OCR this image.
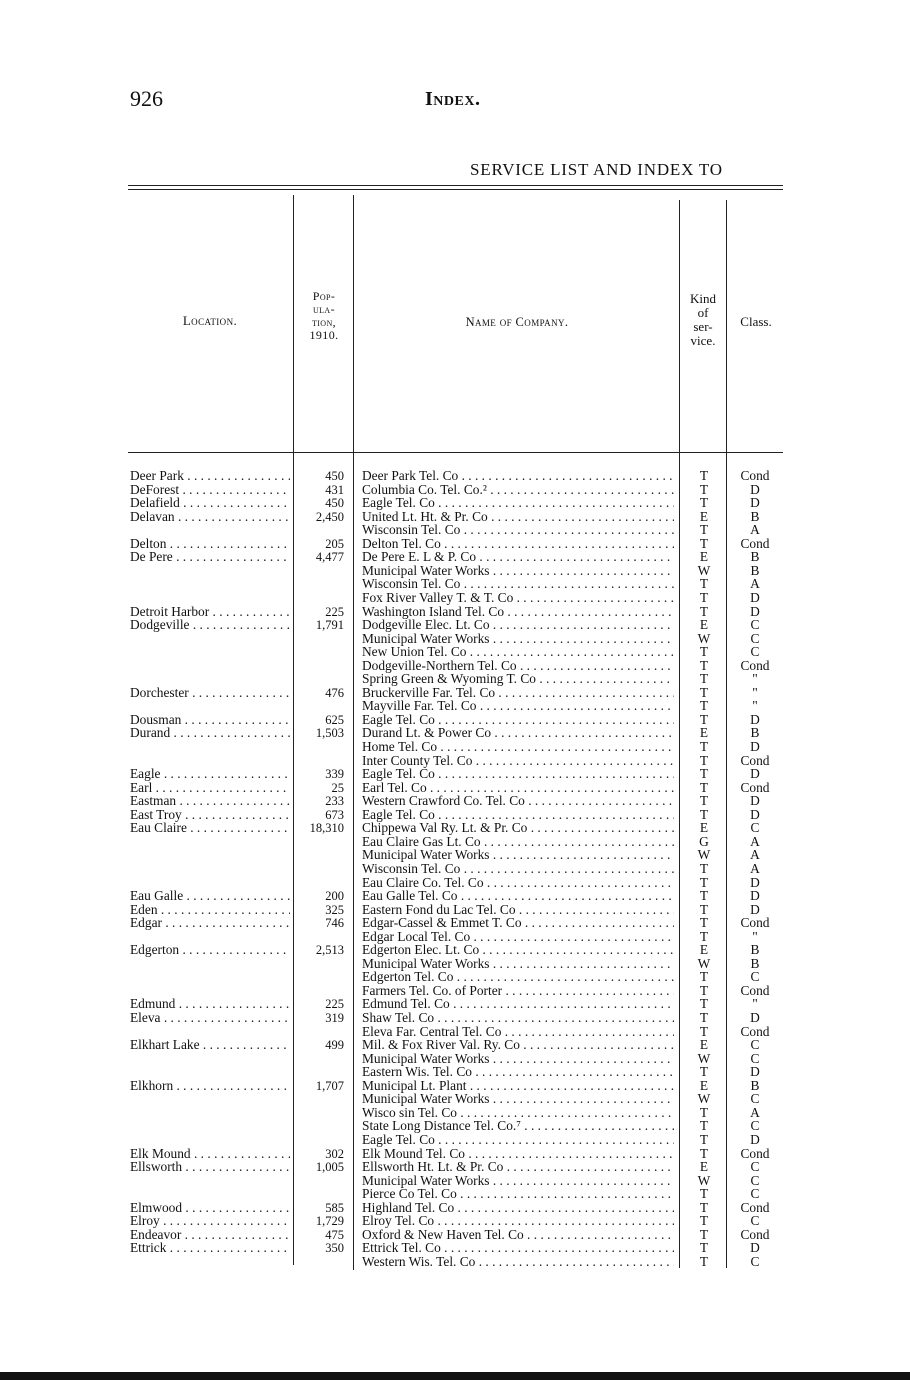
926	Index.
SERVICE LIST AND INDEX TO
Location.
Pop-
ula-
tion,
1910.
Name of Company.
Kind
of
ser-
vice.
Class.
Deer Park . . .	450 Deer Park Tel. Co . . .	T	Cond
DeForest . . .	431 Columbia Co. Tel. Co.² . . .	T	D
Delafield . . .	450 Eagle Tel. Co . . .	T	D
Delavan . . .	2,450 United Lt. Ht. & Pr. Co . . .	E	B
Wisconsin Tel. Co . . .	T	A
Delton . . .	205 Delton Tel. Co . . .	T	Cond
De Pere . . .	4,477 De Pere E. L & P. Co . . .	E	B
Municipal Water Works . . .	W	B
Wisconsin Tel. Co . . .	T	A
Fox River Valley T. & T. Co . . .	T	D
Detroit Harbor . . .	225 Washington Island Tel. Co . . .	T	D
Dodgeville . . .	1,791 Dodgeville Elec. Lt. Co . . .	E	C
Municipal Water Works . . .	W	C
New Union Tel. Co . . .	T	C
Dodgeville-Northern Tel. Co . . .	T	Cond
Spring Green & Wyoming T. Co . . .	T	"
Dorchester . . .	476 Bruckerville Far. Tel. Co . . .	T	"
Mayville Far. Tel. Co . . .	T	"
Dousman . . .	625 Eagle Tel. Co . . .	T	D
Durand . . .	1,503 Durand Lt. & Power Co . . .	E	B
Home Tel. Co . . .	T	D
Inter County Tel. Co . . .	T	Cond
Eagle . . .	339 Eagle Tel. Co . . .	T	D
Earl . . .	25 Earl Tel. Co . . .	T	Cond
Eastman . . .	233 Western Crawford Co. Tel. Co . . .	T	D
East Troy . . .	673 Eagle Tel. Co . . .	T	D
Eau Claire . . .	18,310 Chippewa Val Ry. Lt. & Pr. Co . . .	E	C
Eau Claire Gas Lt. Co . . .	G	A
Municipal Water Works . . .	W	A
Wisconsin Tel. Co . . .	T	A
Eau Claire Co. Tel. Co . . .	T	D
Eau Galle . . .	200 Eau Galle Tel. Co . . .	T	D
Eden . . .	325 Eastern Fond du Lac Tel. Co . . .	T	D
Edgar . . .	746 Edgar-Cassel & Emmet T. Co . . .	T	Cond
Edgar Local Tel. Co . . .	T	"
Edgerton . . .	2,513 Edgerton Elec. Lt. Co . . .	E	B
Municipal Water Works . . .	W	B
Edgerton Tel. Co . . .	T	C
Farmers Tel. Co. of Porter . . .	T	Cond
Edmund . . .	225 Edmund Tel. Co . . .	T	"
Eleva . . .	319 Shaw Tel. Co . . .	T	D
Eleva Far. Central Tel. Co . . .	T	Cond
Elkhart Lake . . .	499 Mil. & Fox River Val. Ry. Co . . .	E	C
Municipal Water Works . . .	W	C
Eastern Wis. Tel. Co . . .	T	D
Elkhorn . . .	1,707 Municipal Lt. Plant . . .	E	B
Municipal Water Works . . .	W	C
Wisco sin Tel. Co . . .	T	A
State Long Distance Tel. Co.⁷ . . .	T	C
Eagle Tel. Co . . .	T	D
Elk Mound . . .	302 Elk Mound Tel. Co . . .	T	Cond
Ellsworth . . .	1,005 Ellsworth Ht. Lt. & Pr. Co . . .	E	C
Municipal Water Works . . .	W	C
Pierce Co Tel. Co . . .	T	C
Elmwood . . .	585 Highland Tel. Co . . .	T	Cond
Elroy . . .	1,729 Elroy Tel. Co . . .	T	C
Endeavor . . .	475 Oxford & New Haven Tel. Co . . .	T	Cond
Ettrick . . .	350 Ettrick Tel. Co . . .	T	D
Western Wis. Tel. Co . . .	T	C
